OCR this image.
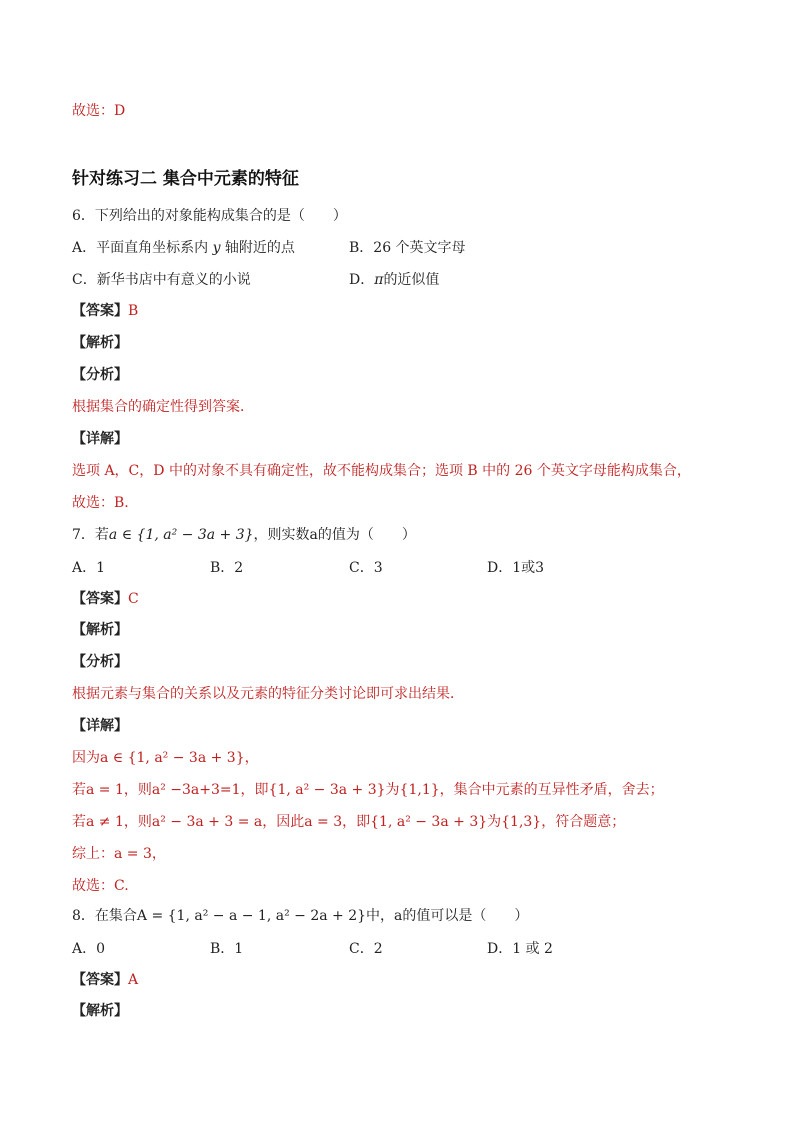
故选：D
针对练习二 集合中元素的特征
6．下列给出的对象能构成集合的是（　　）
A．平面直角坐标系内 y 轴附近的点	B．26 个英文字母
C．新华书店中有意义的小说	D．π的近似值
【答案】B
【解析】
【分析】
根据集合的确定性得到答案．
【详解】
选项 A，C，D 中的对象不具有确定性，故不能构成集合；选项 B 中的 26 个英文字母能构成集合，
故选：B.
7．若a ∈ {1, a² − 3a + 3}，则实数a的值为（　　）
A．1	B．2	C．3	D．1或3
【答案】C
【解析】
【分析】
根据元素与集合的关系以及元素的特征分类讨论即可求出结果．
【详解】
因为a ∈ {1, a² − 3a + 3}，
若a = 1，则a² −3a+3=1，即{1, a² − 3a + 3}为{1,1}，集合中元素的互异性矛盾，舍去；
若a ≠ 1，则a² − 3a + 3 = a，因此a = 3，即{1, a² − 3a + 3}为{1,3}，符合题意；
综上：a = 3，
故选：C.
8．在集合A = {1, a² − a − 1, a² − 2a + 2}中，a的值可以是（　　）
A．0	B．1	C．2	D．1 或 2
【答案】A
【解析】
